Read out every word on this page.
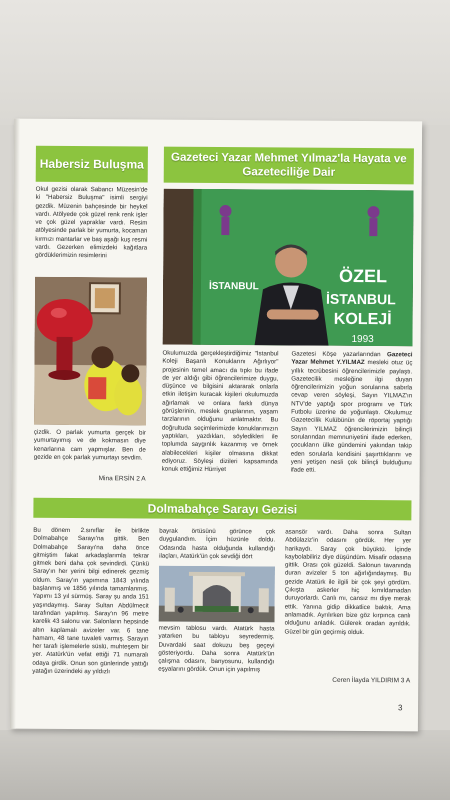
Habersiz Buluşma
Okul gezisi olarak Sabancı Müzesin'de ki "Habersiz Buluşma" isimli sergiyi gezdik. Müzenin bahçesinde bir heykel vardı. Atölyede çok güzel renk renk işler ve çok güzel yapraklar vardı. Resim atölyesinde parlak bir yumurta, kocaman kırmızı mantarlar ve baş aşağı kuş resmi vardı. Gezerken elimizdeki kağıtlara gördüklerimizin resimlerini
çizdik. O parlak yumurta gerçek bir yumurtayımış ve de kokmasın diye kenarlarına cam yapmışlar. Ben de gezide en çok parlak yumurtayı sevdim.
Mina ERSİN 2 A
Gazeteci Yazar Mehmet Yılmaz'la Hayata ve Gazeteciliğe Dair
ÖZEL
İSTANBUL
İSTANBUL
KOLEJİ
1993
Okulumuzda gerçekleştirdiğimiz "İstanbul Koleji Başarılı Konuklarını Ağırlıyor" projesinin temel amacı da tıpkı bu ifade de yer aldığı gibi öğrencilerimize duygu, düşünce ve bilgisini aktararak onlarla etkin iletişim kuracak kişileri okulumuzda ağırlamak ve onlara farklı dünya görüşlerinin, meslek gruplarının, yaşam tarzlarının olduğunu anlatmaktır. Bu doğrultuda seçimlerimizde konuklarımızın yaptıkları, yazdıkları, söyledikleri ile toplumda saygınlık kazanmış ve örnek alabilecekleri kişiler olmasına dikkat ediyoruz. Söyleşi dizileri kapsamında konuk ettiğimiz Hürriyet
Gazetesi Köşe yazarlarından Gazeteci Yazar Mehmet Y.YILMAZ mesleki otuz üç yıllık tecrübesini öğrencilerimizle paylaştı. Gazetecilik mesleğine ilgi duyan öğrencilerimizin yoğun sorularına sabırla cevap veren söyleşi, Sayın YILMAZ'ın NTV'de yaptığı spor programı ve Türk Futbolu üzerine de yoğunlaştı. Okulumuz Gazetecilik Kulübünün de röportaj yaptığı Sayın YILMAZ öğrencilerimizin bilinçli sorularından memnuniyetini ifade ederken, çocukların ülke gündemini yakından takip eden sorularla kendisini şaşırttıklarını ve yeni yetişen nesli çok bilinçli bulduğunu ifade etti.
Dolmabahçe Sarayı Gezisi
Bu dönem 2.sınıflar ile birlikte Dolmabahçe Sarayı'na gittik. Ben Dolmabahçe Sarayı'na daha önce gitmiştim fakat arkadaşlarımla tekrar gitmek beni daha çok sevindirdi. Çünkü Saray'ın her yerini bilgi edinerek gezmiş oldum. Saray'ın yapımına 1843 yılında başlanmış ve 1856 yılında tamamlanmış. Yapımı 13 yıl sürmüş. Saray şu anda 151 yaşındaymış. Saray Sultan Abdülmecit tarafından yapılmış. Saray'ın 96 metre karelik 43 salonu var. Salonların hepsinde altın kaplamalı avizeler var. 6 tane hamam, 48 tane tuvaleti varmış. Sarayın her tarafı işlemelerle süslü, muhteşem bir yer. Atatürk'ün vefat ettiği 71 numaralı odaya girdik. Onun son günlerinde yattığı yatağın üzerindeki ay yıldızlı
bayrak örtüsünü görünce çok duygulandım. İçim hüzünle doldu. Odasında hasta olduğunda kullandığı ilaçları, Atatürk'ün çok sevdiği dört
mevsim tablosu vardı. Atatürk hasta yatarken bu tabloyu seyredermiş. Duvardaki saat dokuzu beş geçeyi gösteriyordu. Daha sonra Atatürk'ün çalışma odasını, banyosunu, kullandığı eşyalarını gördük. Onun için yapılmış
asansör vardı. Daha sonra Sultan Abdülaziz'in odasını gördük. Her yer harikaydı. Saray çok büyüktü. İçinde kaybolabiliriz diye düşündüm. Misafir odasına gittik. Orası çok güzeldi. Salonun tavanında duran avizeler 5 ton ağırlığındaymış. Bu gezide Atatürk ile ilgili bir çok şeyi gördüm. Çıkışta askerler hiç kımıldamadan duruyorlardı. Canlı mı, cansız mı diye merak ettik. Yanına gidip dikkatlice baktık. Ama anlamadık. Ayrılırken bize göz kırpınca canlı olduğunu anladık. Gülerek oradan ayrıldık. Güzel bir gün geçirmiş olduk.
Ceren İlayda YILDIRIM 3 A
3
